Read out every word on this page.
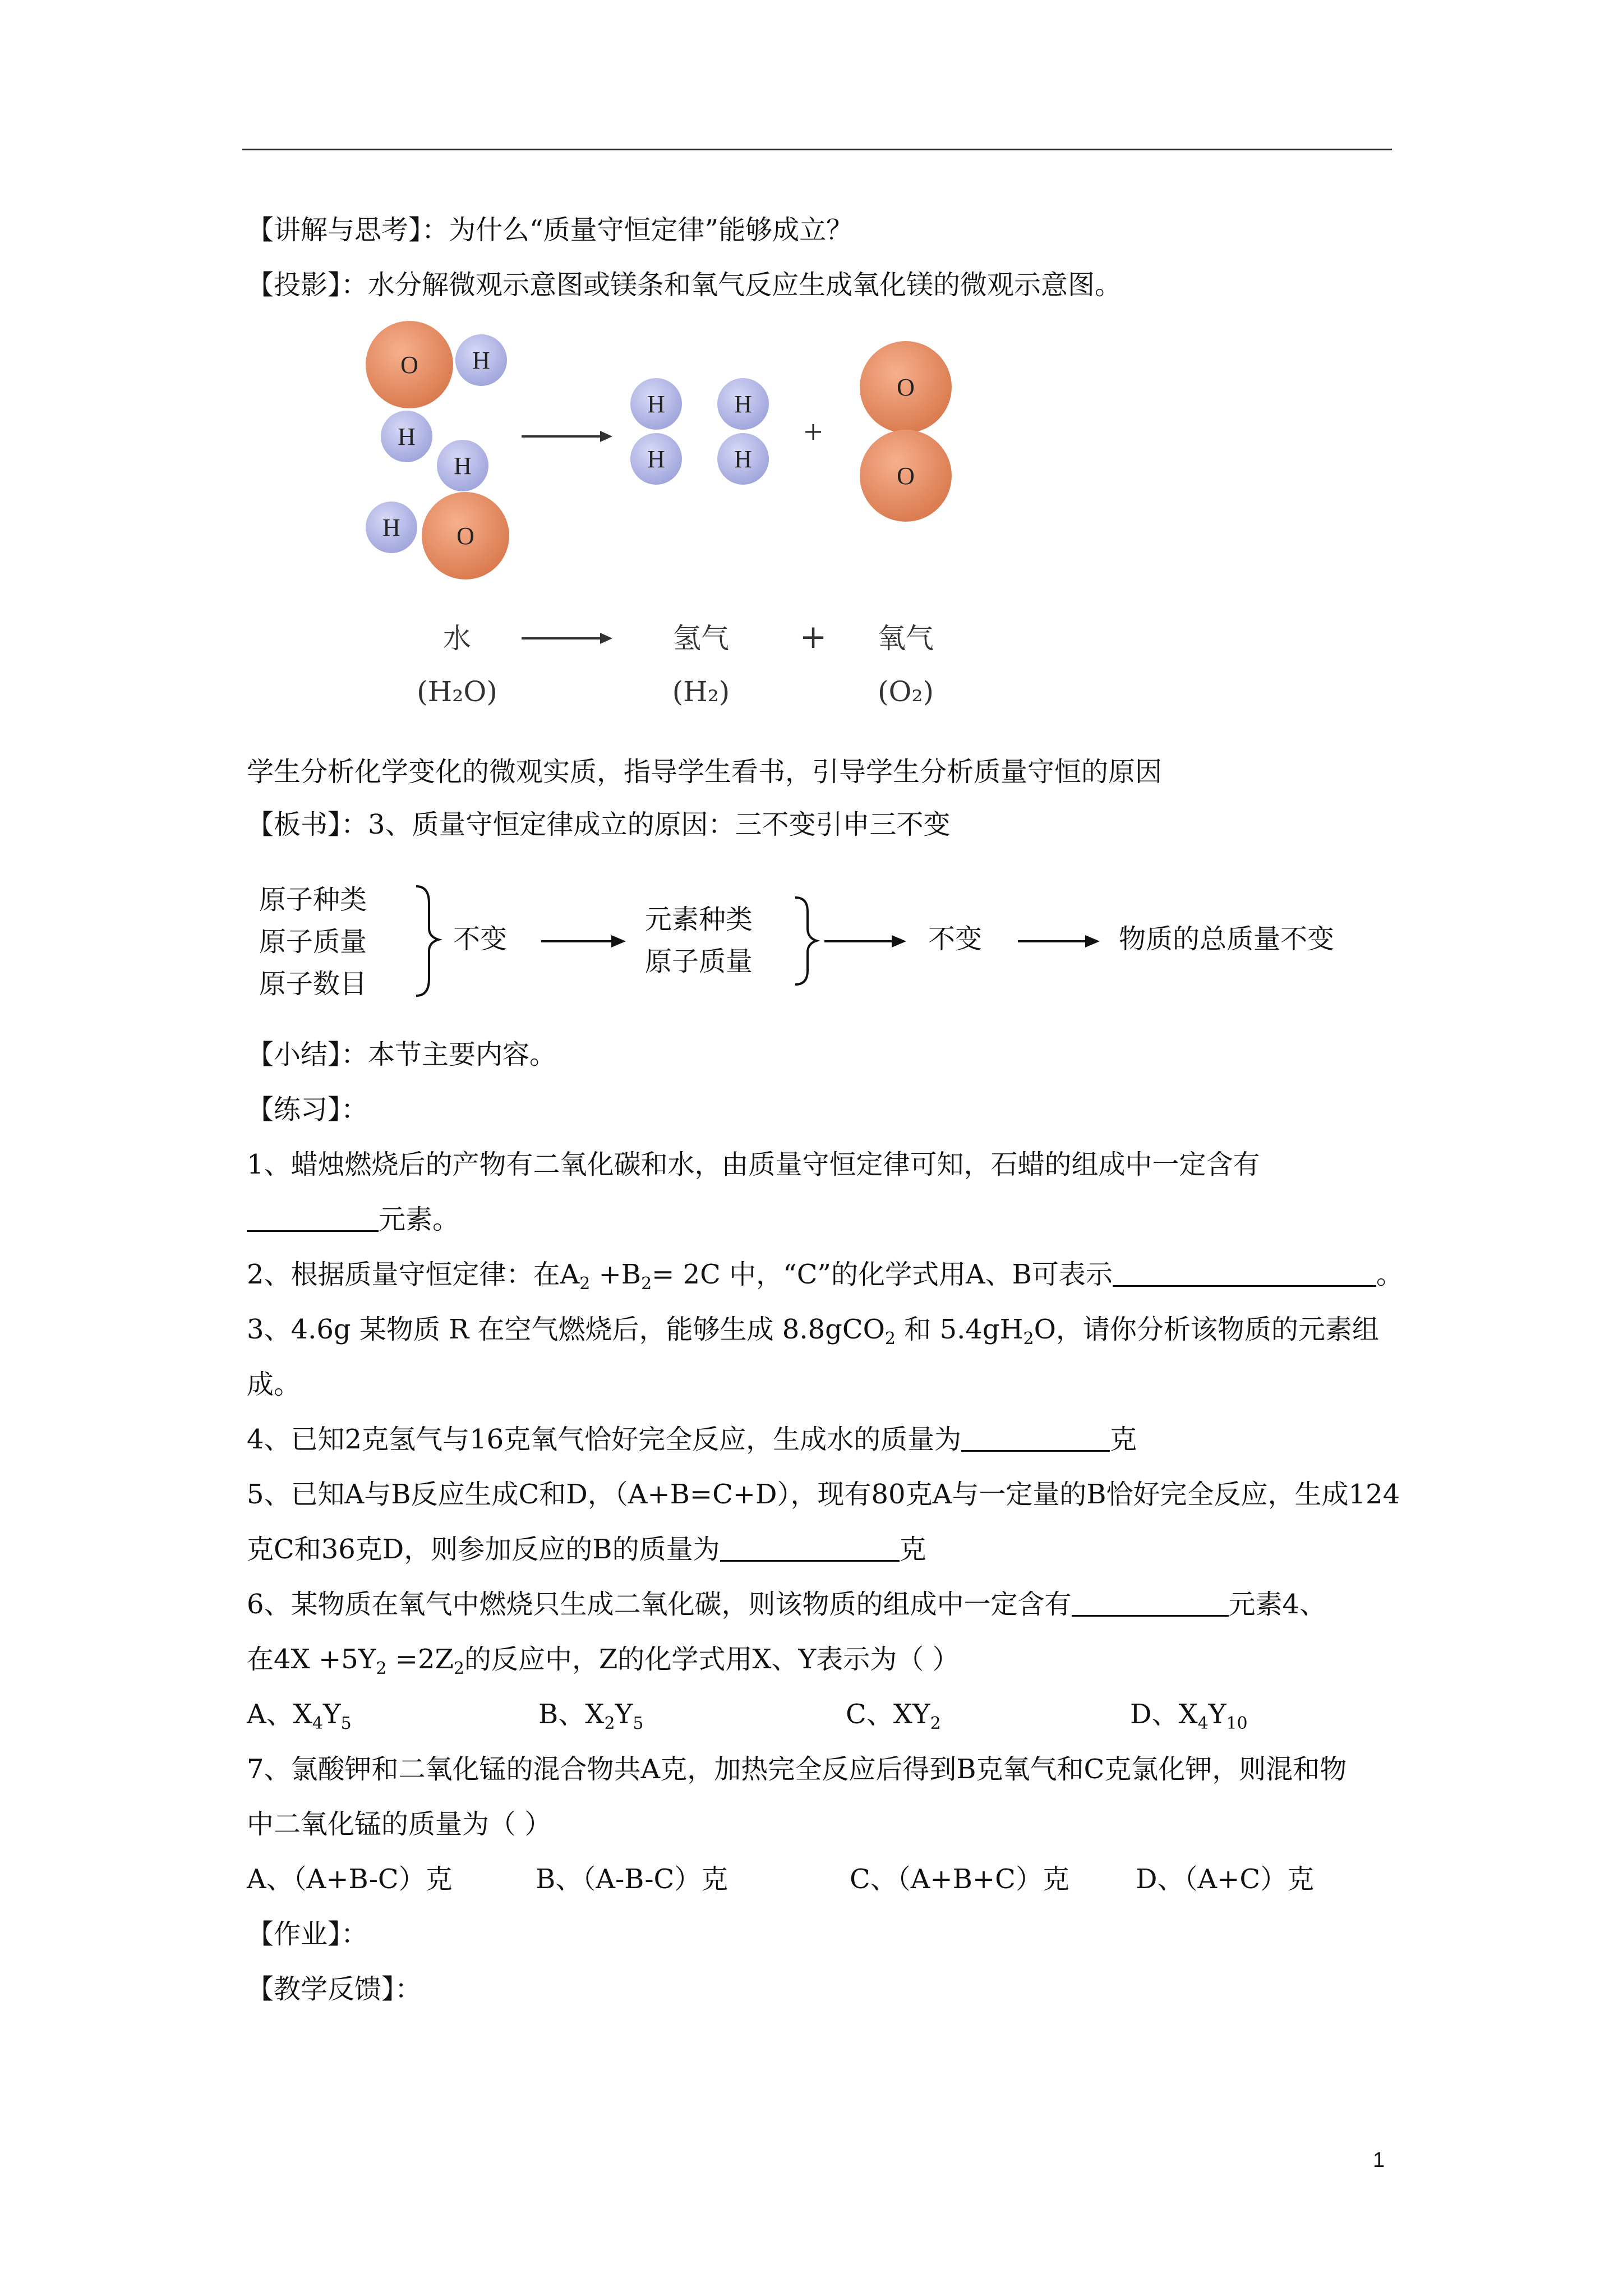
【讲解与思考】：为什么“质量守恒定律”能够成立？
【投影】：水分解微观示意图或镁条和氧气反应生成氧化镁的微观示意图。
O H
H
H
O
H
H
H
H
H
+
O
O
水	氢气 + 氧气
(H₂O)	(H₂)	(O₂)
学生分析化学变化的微观实质，指导学生看书，引导学生分析质量守恒的原因
【板书】：3、质量守恒定律成立的原因：三不变引申三不变
原子种类
原子质量
原子数目
不变
元素种类
原子质量
不变	物质的总质量不变
【小结】：本节主要内容。
【练习】：
1、蜡烛燃烧后的产物有二氧化碳和水，由质量守恒定律可知，石蜡的组成中一定含有
元素。
2、根据质量守恒定律：在$A_2 +B_2= 2C$ 中，“C”的化学式用A、B可表示	。
3、4.6g 某物质 R 在空气燃烧后，能够生成 8.8gCO$_2$ 和 $5.4gH_2O$，请你分析该物质的元素组
成。
4、已知2克氢气与16克氧气恰好完全反应，生成水的质量为	克
5、已知A与B反应生成C和D，（A+B=C+D），现有80克A与一定量的B恰好完全反应，生成124
克C和36克D，则参加反应的B的质量为	克
6、某物质在氧气中燃烧只生成二氧化碳，则该物质的组成中一定含有	元素4、
在$4X +5Y_2 =2Z_2$的反应中，Z的化学式用X、Y表示为（ ）
A、$X_4Y_5$	B、$X_2Y_5$	C、$XY_2$	D、$X_4Y_{10}$
7、氯酸钾和二氧化锰的混合物共A克，加热完全反应后得到B克氧气和C克氯化钾，则混和物
中二氧化锰的质量为（ ）
A、（A+B-C）克	B、（A-B-C）克	C、（A+B+C）克 D、（A+C）克
【作业】：
【教学反馈】：
1
